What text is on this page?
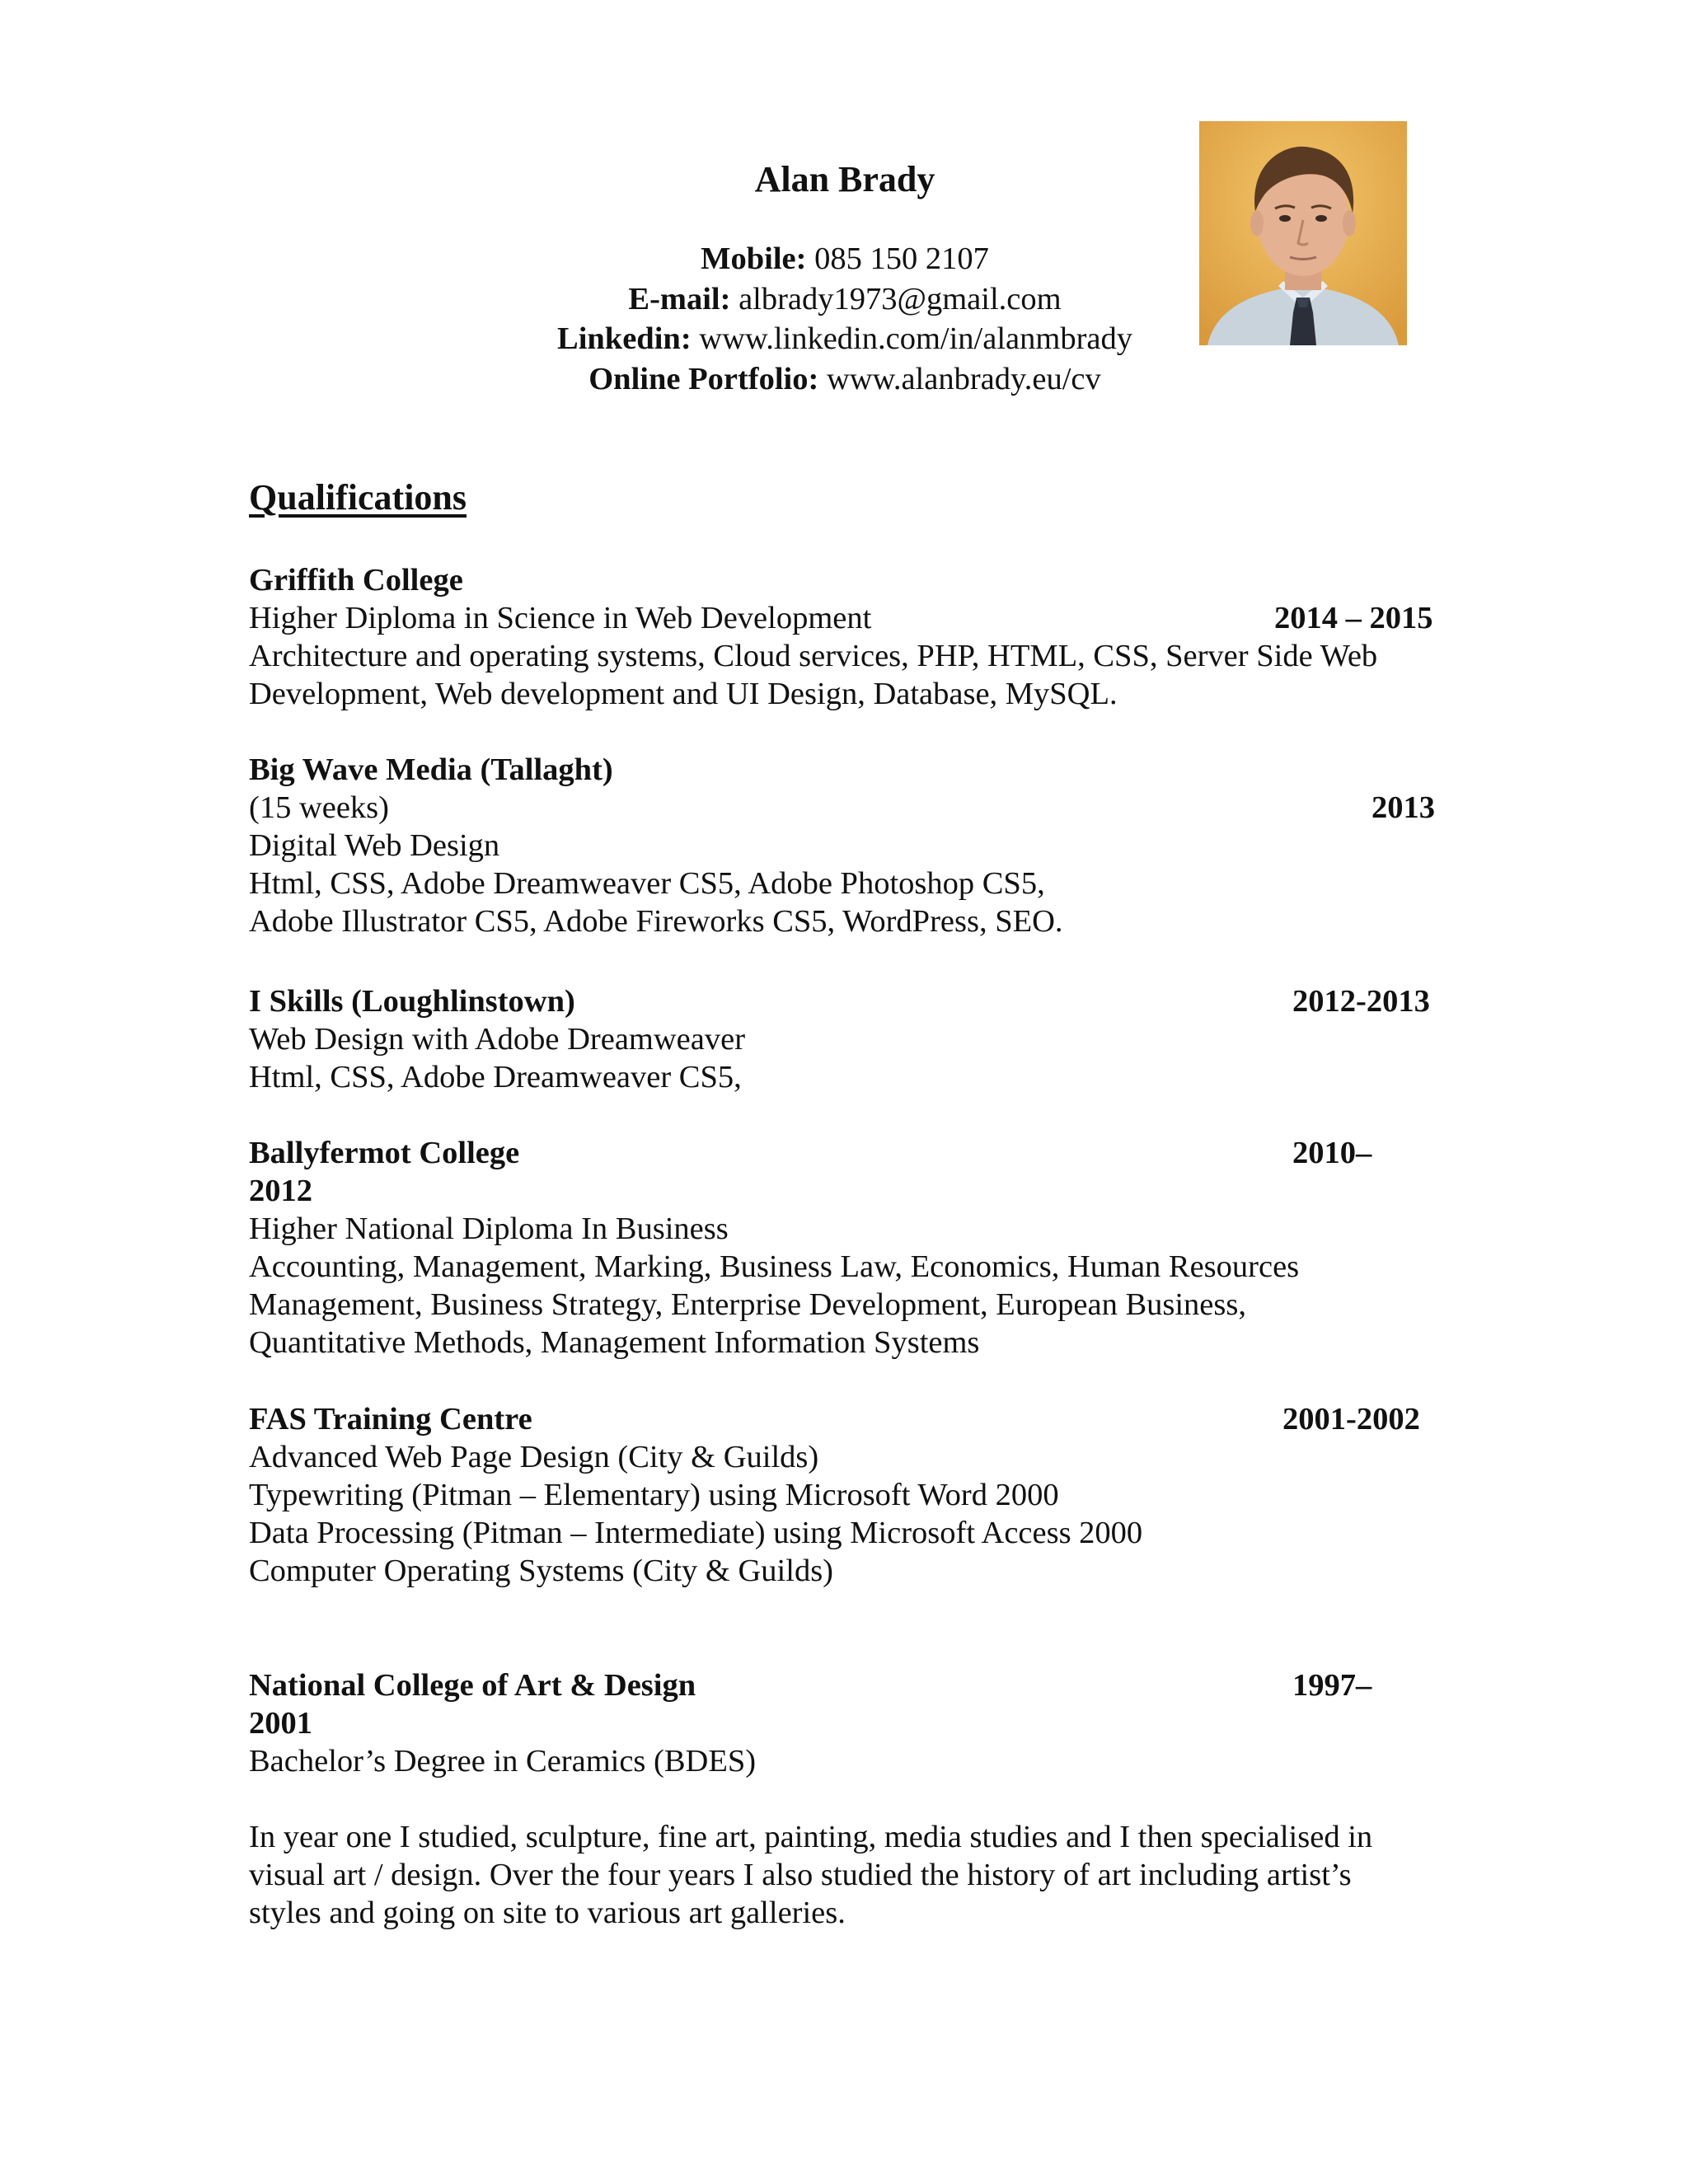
Alan Brady
Mobile: 085 150 2107
E-mail: albrady1973@gmail.com
Linkedin: www.linkedin.com/in/alanmbrady
Online Portfolio: www.alanbrady.eu/cv
Qualifications
Griffith College
Higher Diploma in Science in Web Development	2014 – 2015
Architecture and operating systems, Cloud services, PHP, HTML, CSS, Server Side Web
Development, Web development and UI Design, Database, MySQL.
Big Wave Media (Tallaght)
(15 weeks)	2013
Digital Web Design
Html, CSS, Adobe Dreamweaver CS5, Adobe Photoshop CS5,
Adobe Illustrator CS5, Adobe Fireworks CS5, WordPress, SEO.
I Skills (Loughlinstown)	2012-2013
Web Design with Adobe Dreamweaver
Html, CSS, Adobe Dreamweaver CS5,
Ballyfermot College	2010–
2012
Higher National Diploma In Business
Accounting, Management, Marking, Business Law, Economics, Human Resources
Management, Business Strategy, Enterprise Development, European Business,
Quantitative Methods, Management Information Systems
FAS Training Centre	2001-2002
Advanced Web Page Design (City & Guilds)
Typewriting (Pitman – Elementary) using Microsoft Word 2000
Data Processing (Pitman – Intermediate) using Microsoft Access 2000
Computer Operating Systems (City & Guilds)
National College of Art & Design	1997–
2001
Bachelor’s Degree in Ceramics (BDES)
In year one I studied, sculpture, fine art, painting, media studies and I then specialised in
visual art / design. Over the four years I also studied the history of art including artist’s
styles and going on site to various art galleries.
